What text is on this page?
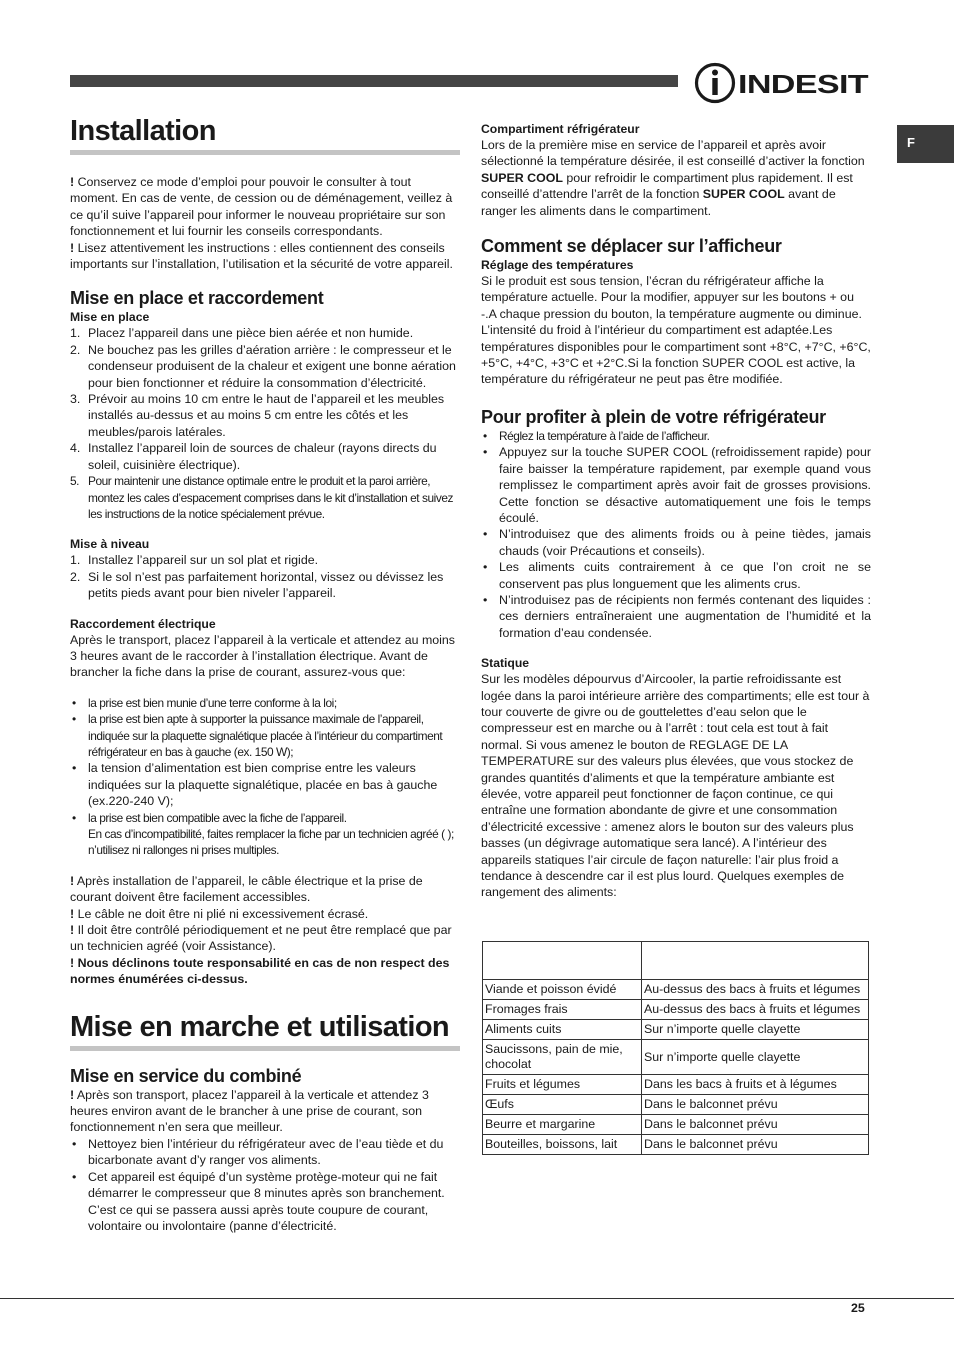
INDESIT
F
Installation

! Conservez ce mode d’emploi pour pouvoir le consulter à tout moment. En cas de vente, de cession ou de déménagement, veillez à ce qu’il suive l’appareil pour informer le nouveau propriétaire sur son fonctionnement et lui fournir les conseils correspondants.

! Lisez attentivement les instructions : elles contiennent des conseils importants sur l’installation, l’utilisation et la sécurité de votre appareil.

Mise en place et raccordement
Mise en place
1. Placez l’appareil dans une pièce bien aérée et non humide.
2. Ne bouchez pas les grilles d’aération arrière : le compresseur et le condenseur produisent de la chaleur et exigent une bonne aération pour bien fonctionner et réduire la consommation d’électricité.
3. Prévoir au moins 10 cm entre le haut de l’appareil et les meubles installés au-dessus et au moins 5 cm entre les côtés et les meubles/parois latérales.
4. Installez l’appareil loin de sources de chaleur (rayons directs du soleil, cuisinière électrique).
5. Pour maintenir une distance optimale entre le produit et la paroi arrière, montez les cales d’espacement comprises dans le kit d’installation et suivez les instructions de la notice spécialement prévue.
Mise à niveau
1. Installez l’appareil sur un sol plat et rigide.
2. Si le sol n’est pas parfaitement horizontal, vissez ou dévissez les petits pieds avant pour bien niveler l’appareil.
Raccordement électrique

Après le transport, placez l’appareil à la verticale et attendez au moins 3 heures avant de le raccorder à l’installation électrique. Avant de brancher la fiche dans la prise de courant, assurez-vous que:

• la prise est bien munie d’une terre conforme à la loi;
• la prise est bien apte à supporter la puissance maximale de l’appareil, indiquée sur la plaquette signalétique placée à l’intérieur du compartiment réfrigérateur en bas à gauche (ex. 150 W);
• la tension d’alimentation est bien comprise entre les valeurs indiquées sur la plaquette signalétique, placée en bas à gauche (ex.220-240 V);
• la prise est bien compatible avec la fiche de l’appareil.

En cas d’incompatibilité, faites remplacer la fiche par un technicien agréé ( ); n’utilisez ni rallonges ni prises multiples.

! Après installation de l’appareil, le câble électrique et la prise de courant doivent être facilement accessibles.

! Le câble ne doit être ni plié ni excessivement écrasé.

! Il doit être contrôlé périodiquement et ne peut être remplacé que par un technicien agréé (voir Assistance).

! Nous déclinons toute responsabilité en cas de non respect des normes énumérées ci-dessus.

Mise en marche et utilisation
Mise en service du combiné

! Après son transport, placez l’appareil à la verticale et attendez 3 heures environ avant de le brancher à une prise de courant, son fonctionnement n’en sera que meilleur.

• Nettoyez bien l’intérieur du réfrigérateur avec de l’eau tiède et du bicarbonate avant d’y ranger vos aliments.
• Cet appareil est équipé d’un système protège-moteur qui ne fait démarrer le compresseur que 8 minutes après son branchement. C’est ce qui se passera aussi après toute coupure de courant, volontaire ou involontaire (panne d’électricité.
Compartiment réfrigérateur

Lors de la première mise en service de l’appareil et après avoir sélectionné la température désirée, il est conseillé d’activer la fonction SUPER COOL pour refroidir le compartiment plus rapidement. Il est conseillé d’attendre l’arrêt de la fonction SUPER COOL avant de ranger les aliments dans le compartiment.

Comment se déplacer sur l’afficheur
Réglage des températures

Si le produit est sous tension, l’écran du réfrigérateur affiche la température actuelle. Pour la modifier, appuyer sur les boutons + ou -.A chaque pression du bouton, la température augmente ou diminue. L’intensité du froid à l’intérieur du compartiment est adaptée.Les températures disponibles pour le compartiment sont +8°C, +7°C, +6°C, +5°C, +4°C, +3°C et +2°C.Si la fonction SUPER COOL est active, la température du réfrigérateur ne peut pas être modifiée.

Pour profiter à plein de votre réfrigérateur
• Réglez la température à l’aide de l’afficheur.
• Appuyez sur la touche SUPER COOL (refroidissement rapide) pour faire baisser la température rapidement, par exemple quand vous remplissez le compartiment après avoir fait de grosses provisions. Cette fonction se désactive automatiquement une fois le temps écoulé.
• N’introduisez que des aliments froids ou à peine tièdes, jamais chauds (voir Précautions et conseils).
• Les aliments cuits contrairement à ce que l’on croit ne se conservent pas plus longuement que les aliments crus.
• N’introduisez pas de récipients non fermés contenant des liquides : ces derniers entraîneraient une augmentation de l’humidité et la formation d’eau condensée.
Statique

Sur les modèles dépourvus d’Aircooler, la partie refroidissante est logée dans la paroi intérieure arrière des compartiments; elle est tour à tour couverte de givre ou de gouttelettes d’eau selon que le compresseur est en marche ou à l’arrêt : tout cela est tout à fait normal. Si vous amenez le bouton de REGLAGE DE LA TEMPERATURE sur des valeurs plus élevées, que vous stockez de grandes quantités d’aliments et que la température ambiante est élevée, votre appareil peut fonctionner de façon continue, ce qui entraîne une formation abondante de givre et une consommation d’électricité excessive : amenez alors le bouton sur des valeurs plus basses (un dégivrage automatique sera lancé). A l’intérieur des appareils statiques l’air circule de façon naturelle: l’air plus froid a tendance à descendre car il est plus lourd. Quelques exemples de rangement des aliments:

Viande et poisson évidé	Au-dessus des bacs à fruits et légumes
Fromages frais	Au-dessus des bacs à fruits et légumes
Aliments cuits	Sur n’importe quelle clayette
Saucissons, pain de mie, chocolat	Sur n’importe quelle clayette
Fruits et légumes	Dans les bacs à fruits et à légumes
Œufs	Dans le balconnet prévu
Beurre et margarine	Dans le balconnet prévu
Bouteilles, boissons, lait	Dans le balconnet prévu
25
